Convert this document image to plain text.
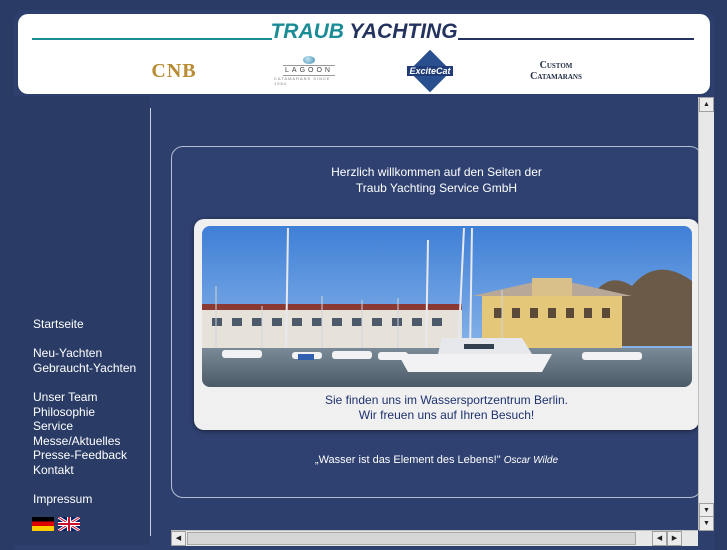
TRAUB YACHTING
CNB	LAGOON
CATAMARANS SINCE 1984
ExciteCat	Custom
Catamarans
Startseite
Neu-Yachten
Gebraucht-Yachten
Unser Team
Philosophie
Service
Messe/Aktuelles
Presse-Feedback
Kontakt
Impressum
Herzlich willkommen auf den Seiten der
Traub Yachting Service GmbH
Sie finden uns im Wassersportzentrum Berlin.
Wir freuen uns auf Ihren Besuch!
„Wasser ist das Element des Lebens!" Oscar Wilde
▲
▼
▼
◀	◀	▶
